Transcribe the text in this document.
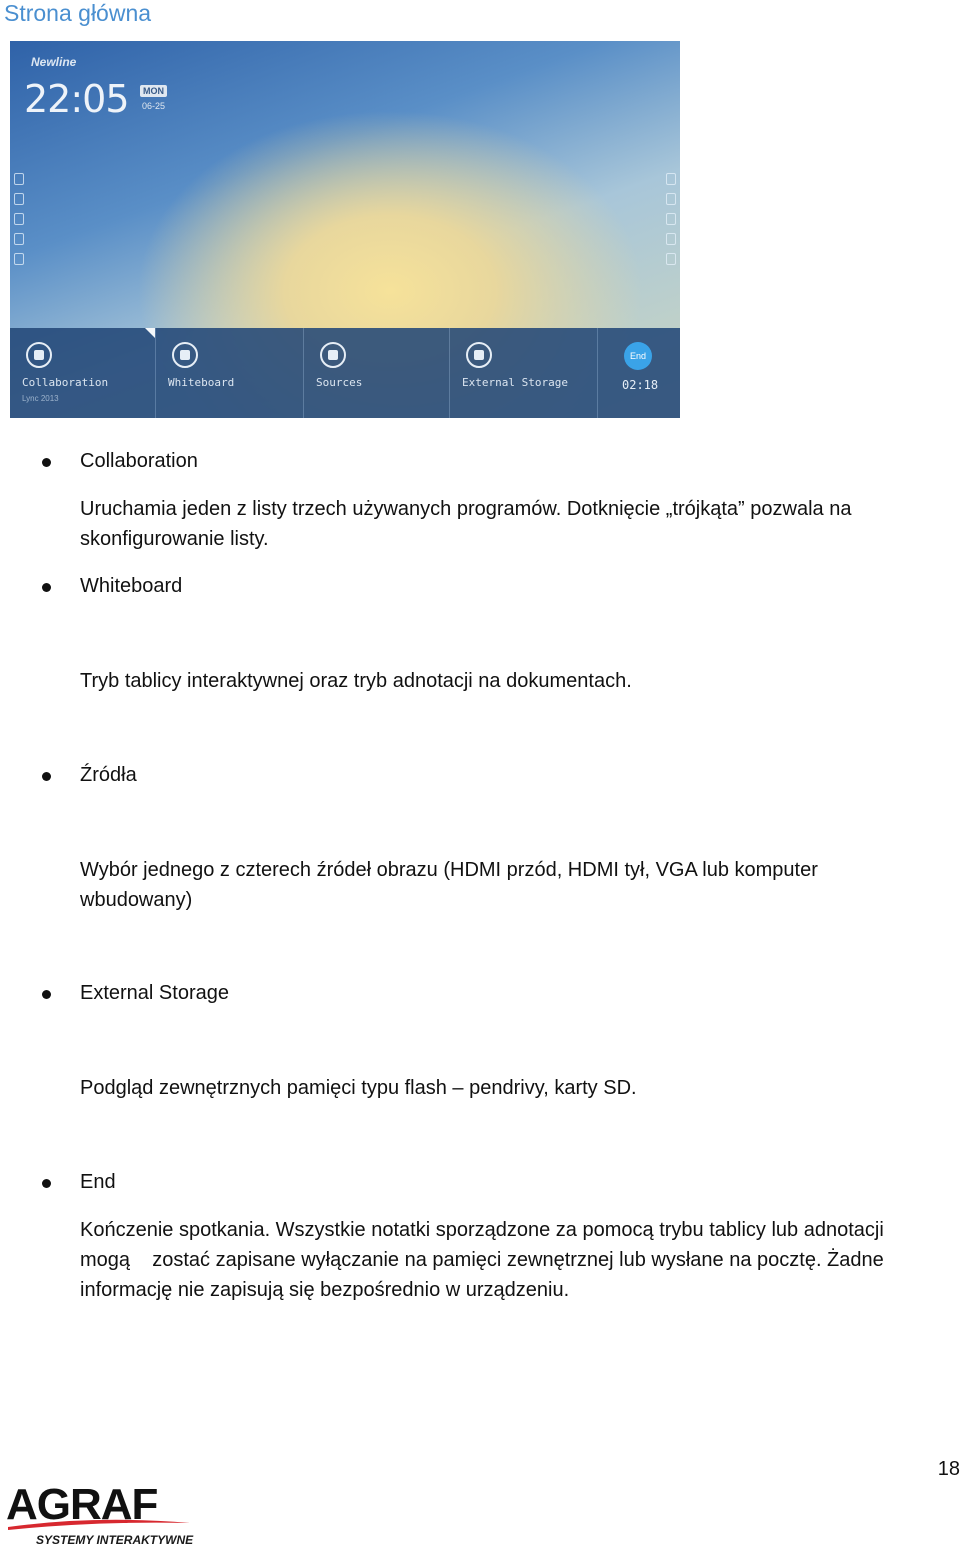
Strona główna
Newline
22:05	MON
06-25
Collaboration
Lync 2013
Whiteboard	Sources	External Storage
End
02:18
Collaboration
Uruchamia jeden z listy trzech używanych programów. Dotknięcie „trójkąta” pozwala na skonfigurowanie listy.
Whiteboard
Tryb tablicy interaktywnej oraz tryb adnotacji na dokumentach.
Źródła
Wybór jednego z czterech źródeł obrazu (HDMI przód, HDMI tył, VGA lub komputer wbudowany)
External Storage
Podgląd zewnętrznych pamięci typu flash – pendrivy, karty SD.
End
Kończenie spotkania. Wszystkie notatki sporządzone za pomocą trybu tablicy lub adnotacji mogą    zostać zapisane wyłączanie na pamięci zewnętrznej lub wysłane na pocztę. Żadne informację nie zapisują się bezpośrednio w urządzeniu.
18
AGRAF
SYSTEMY INTERAKTYWNE
